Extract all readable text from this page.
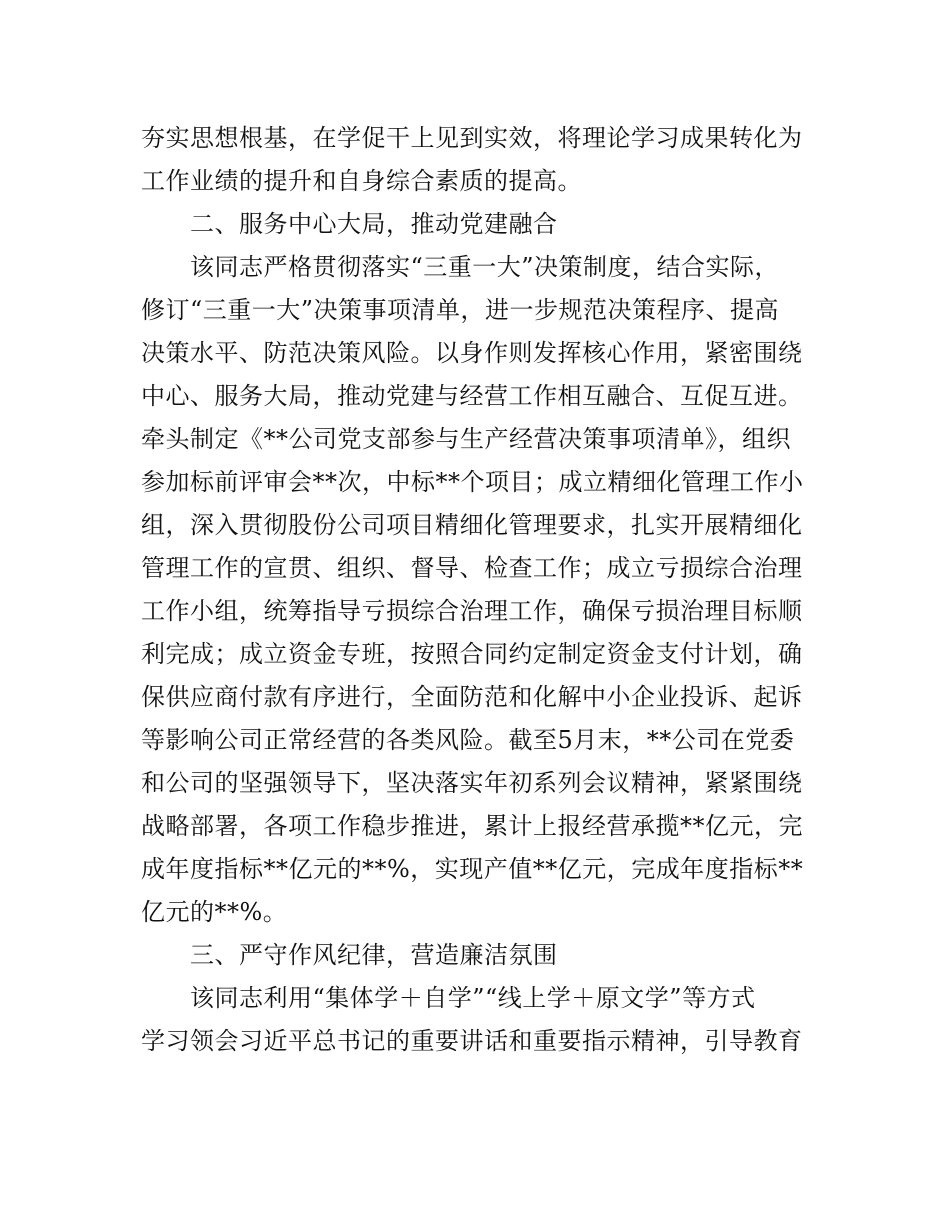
夯实思想根基，在学促干上见到实效，将理论学习成果转化为
工作业绩的提升和自身综合素质的提高。
二、服务中心大局，推动党建融合
该同志严格贯彻落实“三重一大”决策制度，结合实际，
修订“三重一大”决策事项清单，进一步规范决策程序、提高
决策水平、防范决策风险。以身作则发挥核心作用，紧密围绕
中心、服务大局，推动党建与经营工作相互融合、互促互进。
牵头制定《**公司党支部参与生产经营决策事项清单》，组织
参加标前评审会**次，中标**个项目；成立精细化管理工作小
组，深入贯彻股份公司项目精细化管理要求，扎实开展精细化
管理工作的宣贯、组织、督导、检查工作；成立亏损综合治理
工作小组，统筹指导亏损综合治理工作，确保亏损治理目标顺
利完成；成立资金专班，按照合同约定制定资金支付计划，确
保供应商付款有序进行，全面防范和化解中小企业投诉、起诉
等影响公司正常经营的各类风险。截至5月末，**公司在党委
和公司的坚强领导下，坚决落实年初系列会议精神，紧紧围绕
战略部署，各项工作稳步推进，累计上报经营承揽**亿元，完
成年度指标**亿元的**%，实现产值**亿元，完成年度指标**
亿元的**%。
三、严守作风纪律，营造廉洁氛围
该同志利用“集体学＋自学”“线上学＋原文学”等方式
学习领会习近平总书记的重要讲话和重要指示精神，引导教育
